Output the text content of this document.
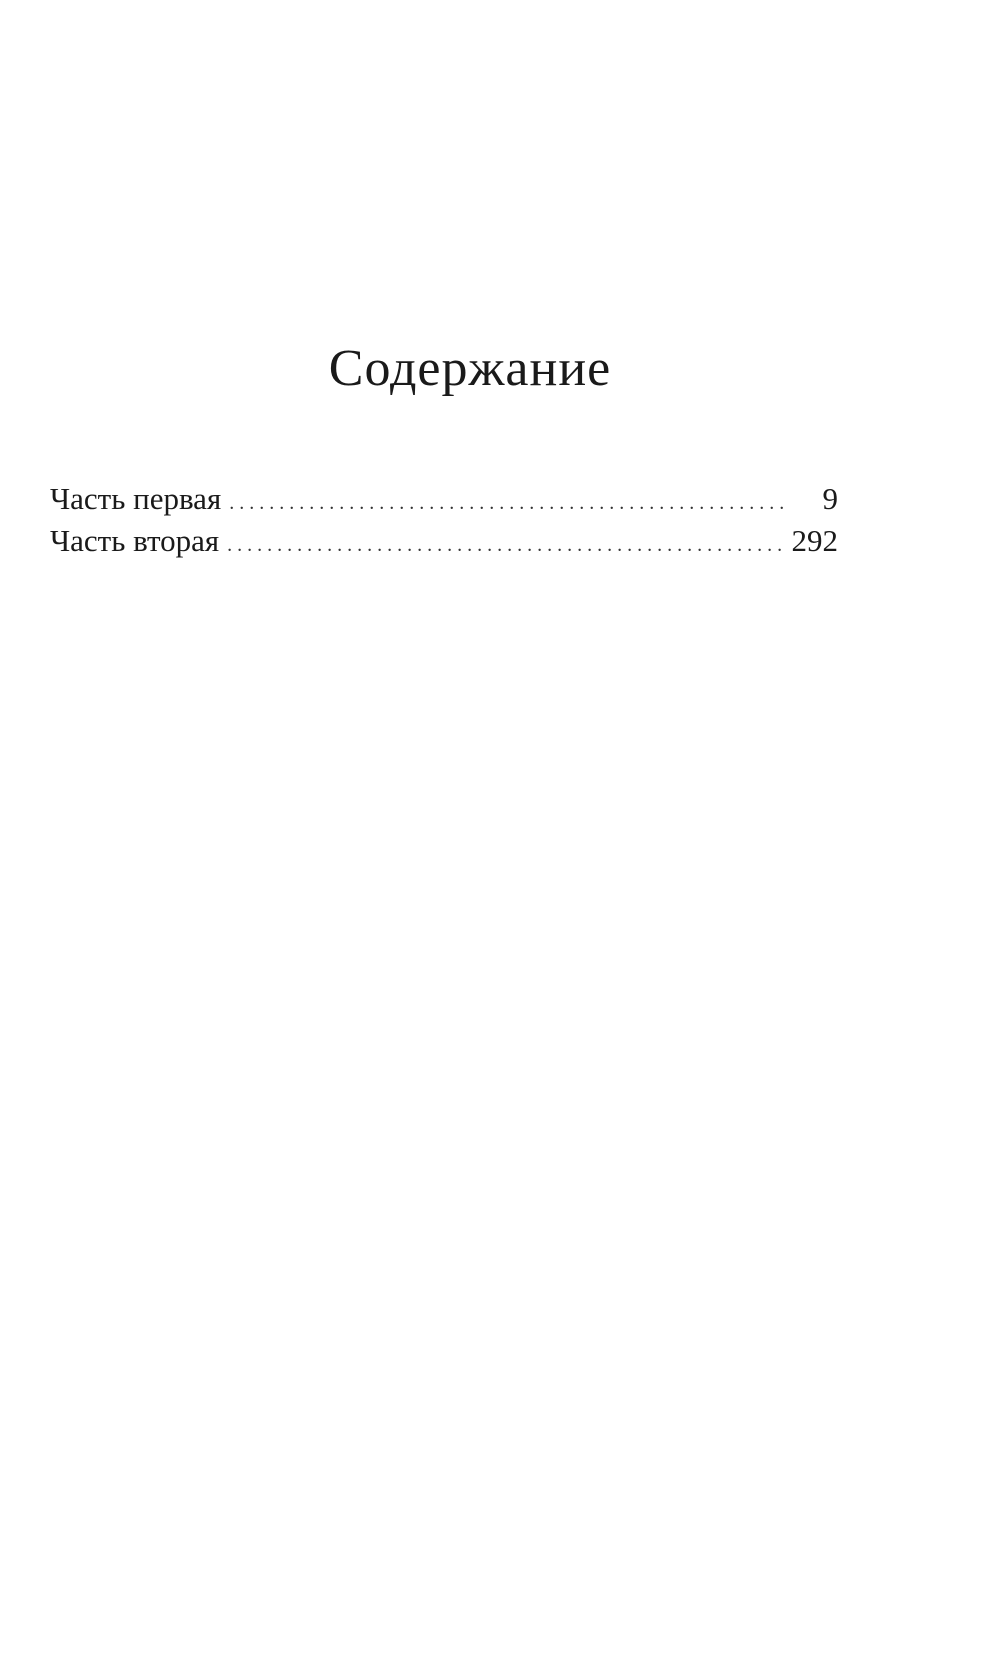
Содержание
Часть первая . . .	9
Часть вторая . . .	292
